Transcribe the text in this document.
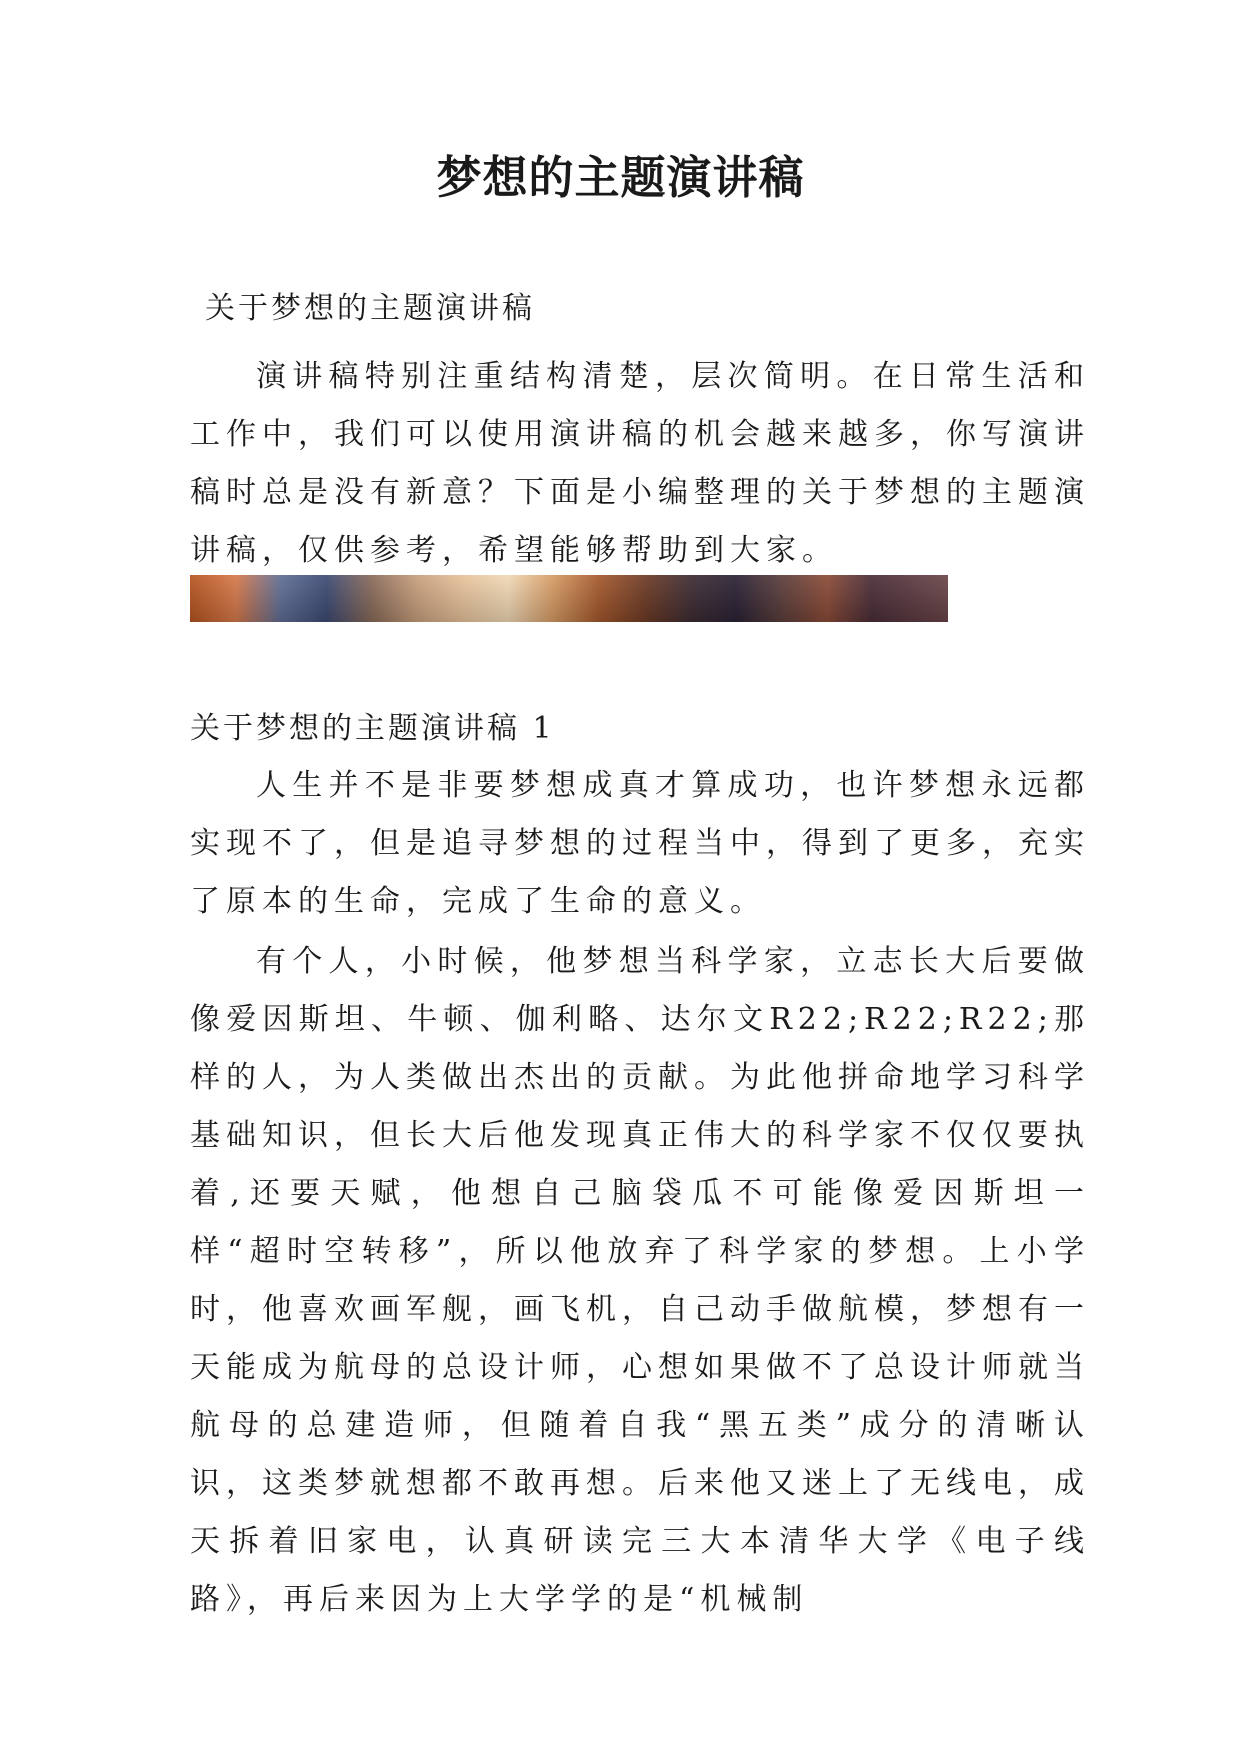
梦想的主题演讲稿
关于梦想的主题演讲稿

演讲稿特别注重结构清楚，层次简明。在日常生活和工作中，我们可以使用演讲稿的机会越来越多，你写演讲稿时总是没有新意？下面是小编整理的关于梦想的主题演讲稿，仅供参考，希望能够帮助到大家。

关于梦想的主题演讲稿 1

人生并不是非要梦想成真才算成功，也许梦想永远都实现不了，但是追寻梦想的过程当中，得到了更多，充实了原本的生命，完成了生命的意义。

有个人，小时候，他梦想当科学家，立志长大后要做像爱因斯坦、牛顿、伽利略、达尔文R22;R22;R22;那样的人，为人类做出杰出的贡献。为此他拼命地学习科学基础知识，但长大后他发现真正伟大的科学家不仅仅要执着,还要天赋，他想自己脑袋瓜不可能像爱因斯坦一样“超时空转移”，所以他放弃了科学家的梦想。上小学时，他喜欢画军舰，画飞机，自己动手做航模，梦想有一天能成为航母的总设计师，心想如果做不了总设计师就当航母的总建造师，但随着自我“黑五类”成分的清晰认识，这类梦就想都不敢再想。后来他又迷上了无线电，成天拆着旧家电，认真研读完三大本清华大学《电子线路》，再后来因为上大学学的是“机械制
